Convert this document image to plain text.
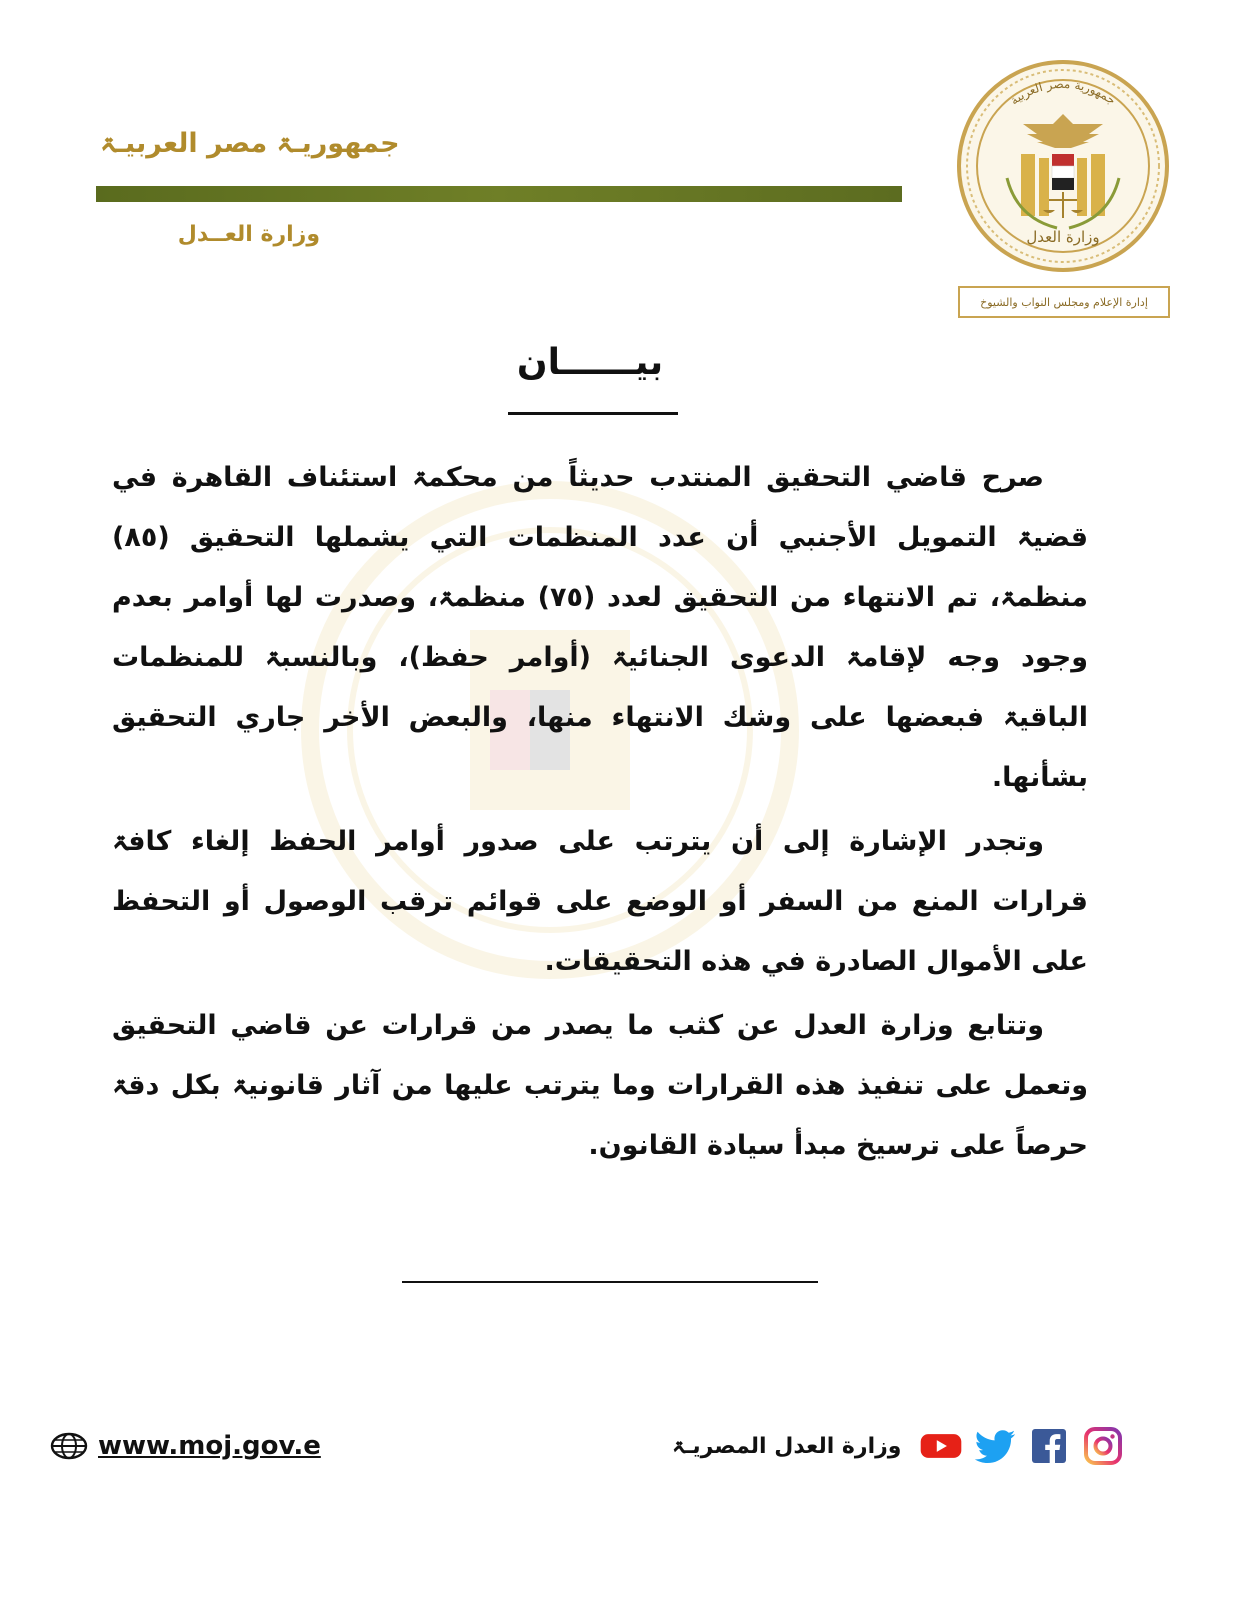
جمهوريـۃ مصر العربيـۃ
وزارة العــدل
جمهورية مصر العربية
وزارة العدل
إدارة الإعلام ومجلس النواب والشيوخ
بيــــــان

صرح قاضي التحقيق المنتدب حديثاً من محكمۃ استئناف القاهرة في قضيۃ التمويل الأجنبي أن عدد المنظمات التي يشملها التحقيق (٨٥) منظمۃ، تم الانتهاء من التحقيق لعدد (٧٥) منظمۃ، وصدرت لها أوامر بعدم وجود وجه لإقامۃ الدعوى الجنائيۃ (أوامر حفظ)، وبالنسبۃ للمنظمات الباقيۃ فبعضها على وشك الانتهاء منها، والبعض الأخر جاري التحقيق بشأنها.

وتجدر الإشارة إلى أن يترتب على صدور أوامر الحفظ إلغاء كافۃ قرارات المنع من السفر أو الوضع على قوائم ترقب الوصول أو التحفظ على الأموال الصادرة في هذه التحقيقات.

وتتابع وزارة العدل عن كثب ما يصدر من قرارات عن قاضي التحقيق وتعمل على تنفيذ هذه القرارات وما يترتب عليها من آثار قانونيۃ بكل دقۃ حرصاً على ترسيخ مبدأ سيادة القانون.

www.moj.gov.e	وزارة العدل المصريـۃ
